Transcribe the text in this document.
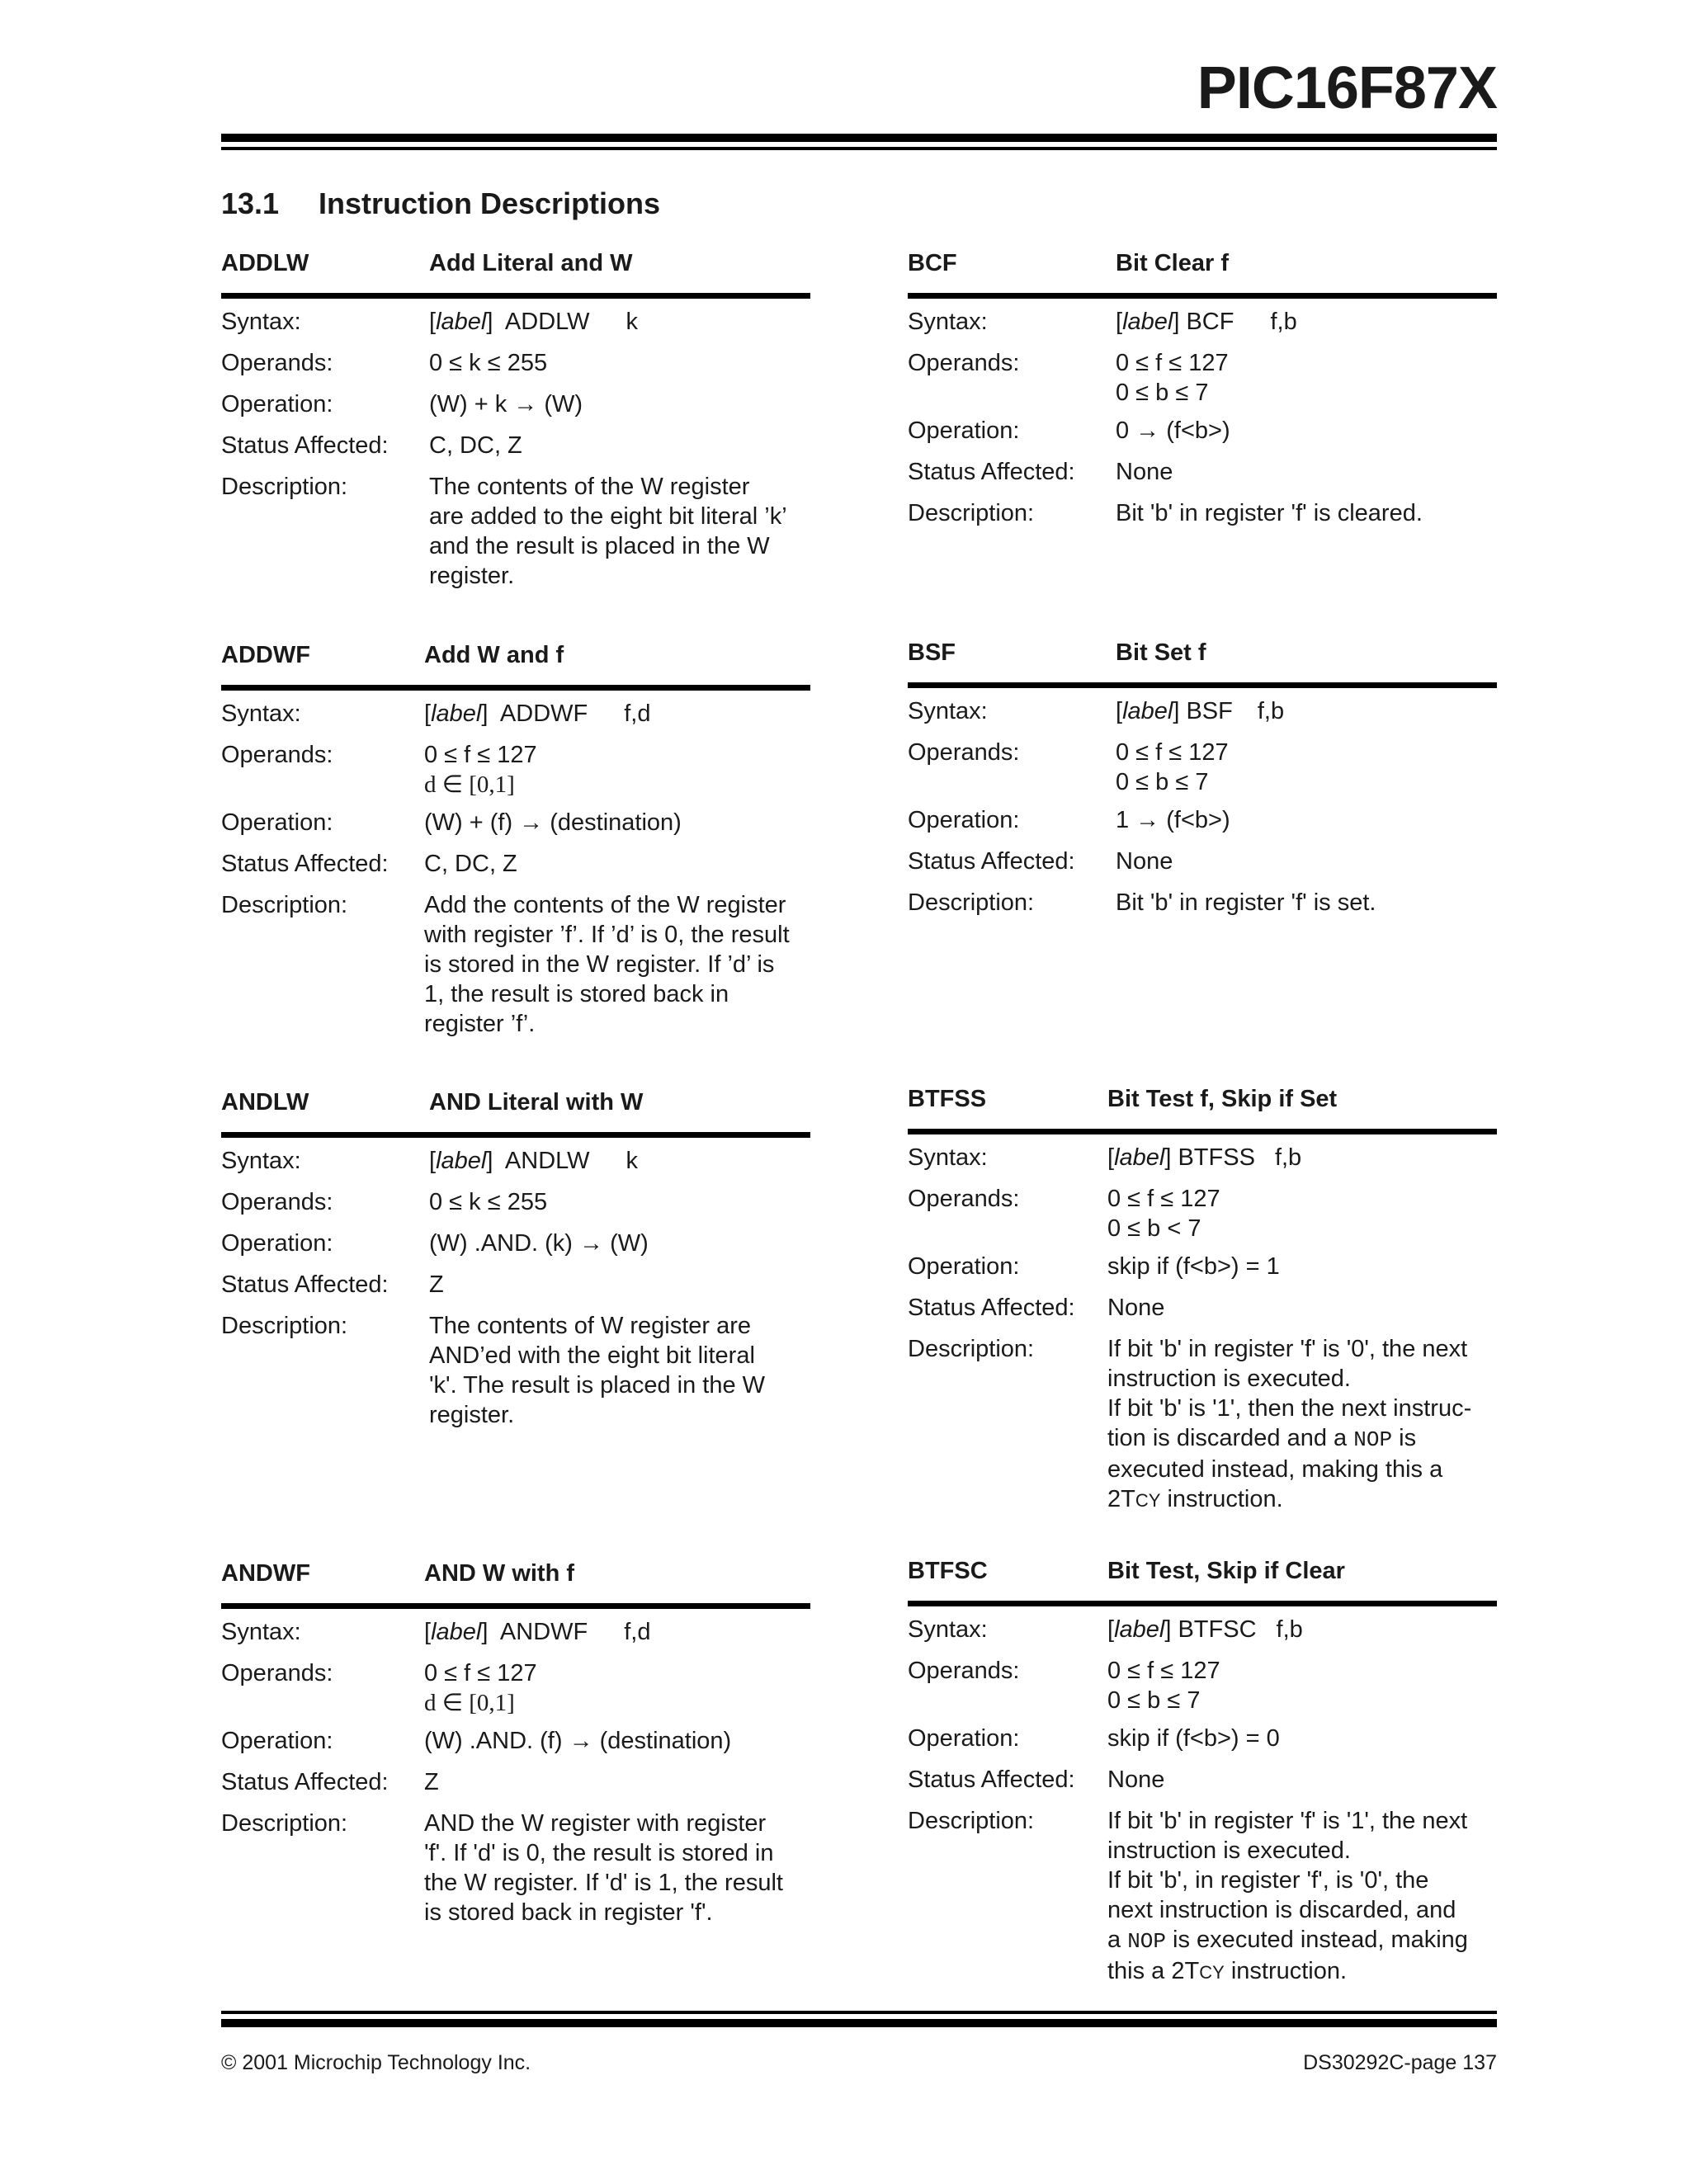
PIC16F87X
13.1 Instruction Descriptions
ADDLW	Add Literal and W
Syntax:	[label]  ADDLW k
Operands:	0 ≤ k ≤ 255
Operation:	(W) + k → (W)
Status Affected: C, DC, Z
Description:	The contents of the W register
are added to the eight bit literal ’k’
and the result is placed in the W
register.
ADDWF	Add W and f
Syntax:	[label]  ADDWF f,d
Operands:	0 ≤ f ≤ 127
d ∈ [0,1]
Operation:	(W) + (f) → (destination)
Status Affected: C, DC, Z
Description:	Add the contents of the W register
with register ’f’. If ’d’ is 0, the result
is stored in the W register. If ’d’ is
1, the result is stored back in
register ’f’.
ANDLW	AND Literal with W
Syntax:	[label]  ANDLW k
Operands:	0 ≤ k ≤ 255
Operation:	(W) .AND. (k) → (W)
Status Affected: Z
Description:	The contents of W register are
AND’ed with the eight bit literal
'k'. The result is placed in the W
register.
ANDWF	AND W with f
Syntax:	[label]  ANDWF f,d
Operands:	0 ≤ f ≤ 127
d ∈ [0,1]
Operation:	(W) .AND. (f) → (destination)
Status Affected: Z
Description:	AND the W register with register
'f'. If 'd' is 0, the result is stored in
the W register. If 'd' is 1, the result
is stored back in register 'f'.
BCF	Bit Clear f
Syntax:	[label] BCF f,b
Operands:	0 ≤ f ≤ 127
0 ≤ b ≤ 7
Operation:	0 → (f<b>)
Status Affected: None
Description:	Bit 'b' in register 'f' is cleared.
BSF	Bit Set f
Syntax:	[label] BSF f,b
Operands:	0 ≤ f ≤ 127
0 ≤ b ≤ 7
Operation:	1 → (f<b>)
Status Affected: None
Description:	Bit 'b' in register 'f' is set.
BTFSS	Bit Test f, Skip if Set
Syntax:	[label] BTFSS f,b
Operands:	0 ≤ f ≤ 127
0 ≤ b < 7
Operation:	skip if (f<b>) = 1
Status Affected: None
Description:	If bit 'b' in register 'f' is '0', the next
instruction is executed.
If bit 'b' is '1', then the next instruc-
tion is discarded and a NOP is
executed instead, making this a
2TCY instruction.
BTFSC	Bit Test, Skip if Clear
Syntax:	[label] BTFSC f,b
Operands:	0 ≤ f ≤ 127
0 ≤ b ≤ 7
Operation:	skip if (f<b>) = 0
Status Affected: None
Description:	If bit 'b' in register 'f' is '1', the next
instruction is executed.
If bit 'b', in register 'f', is '0', the
next instruction is discarded, and
a NOP is executed instead, making
this a 2TCY instruction.
© 2001 Microchip Technology Inc.	DS30292C-page 137
